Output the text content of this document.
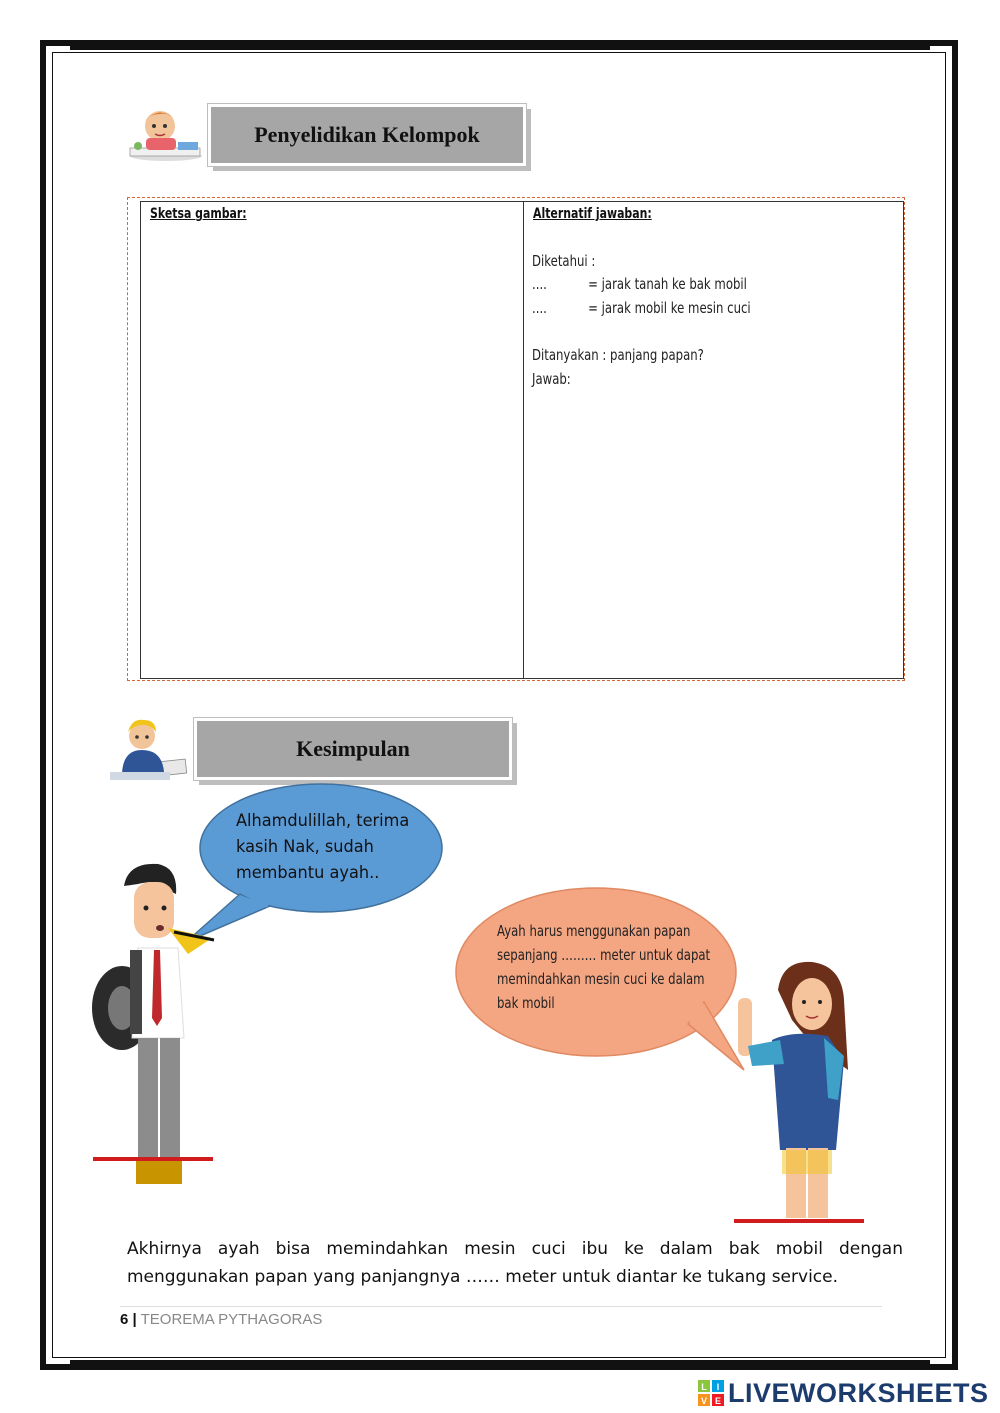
Penyelidikan Kelompok
Sketsa gambar:	Alternatif jawaban:
Diketahui :
....	= jarak tanah ke bak mobil
....	= jarak mobil ke mesin cuci
Ditanyakan : panjang papan?
Jawab:
Kesimpulan
Alhamdulillah, terima kasih Nak, sudah membantu ayah..
Ayah harus menggunakan papan sepanjang ……… meter untuk dapat memindahkan mesin cuci ke dalam bak mobil
Akhirnya ayah bisa memindahkan mesin cuci ibu ke dalam bak mobil dengan menggunakan papan yang panjangnya …… meter untuk diantar ke tukang service.
6 | TEOREMA PYTHAGORAS
L I
V E LIVEWORKSHEETS
